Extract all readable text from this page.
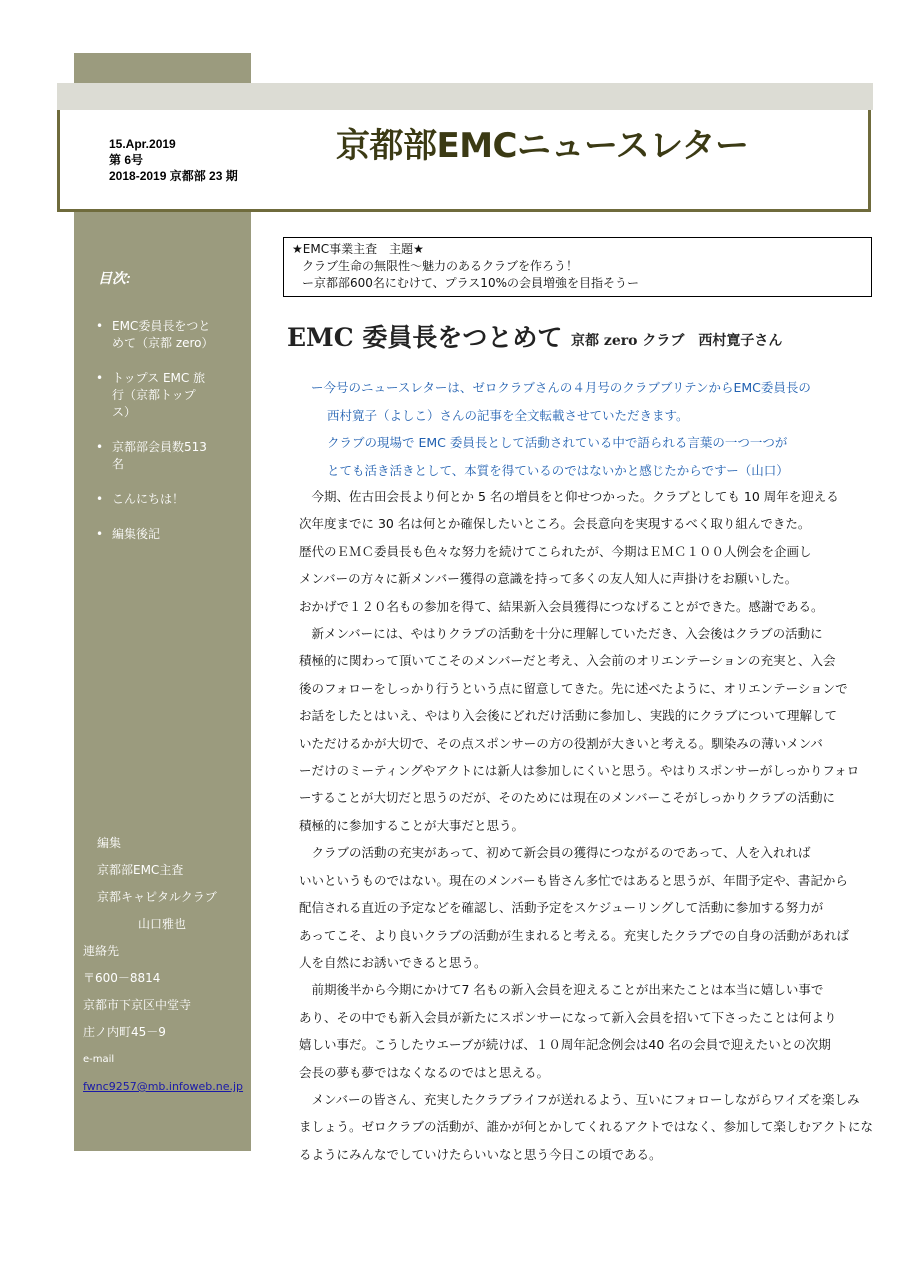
15.Apr.2019
第 6号
2018-2019 京都部 23 期
京都部EMCニュースレター
★EMC事業主査　主題★
クラブ生命の無限性～魅力のあるクラブを作ろう！
ー京都部600名にむけて、プラス10%の会員増強を目指そうー
目次:
• EMC委員長をつとめて（京都 zero）
• トップス EMC 旅行（京都トップス）
• 京都部会員数513名
• こんにちは！
• 編集後記
編集
京都部EMC主査
京都キャピタルクラブ
山口雅也
連絡先
〒600－8814
京都市下京区中堂寺
庄ノ内町45－9
e-mail
fwnc9257@mb.infoweb.ne.jp
EMC 委員長をつとめて 京都 zero クラブ　西村寛子さん
ー今号のニュースレターは、ゼロクラブさんの４月号のクラブブリテンからEMC委員長の
西村寛子（よしこ）さんの記事を全文転載させていただきます。
クラブの現場で EMC 委員長として活動されている中で語られる言葉の一つ一つが
とても活き活きとして、本質を得ているのではないかと感じたからですー（山口）
　今期、佐古田会長より何とか 5 名の増員をと仰せつかった。クラブとしても 10 周年を迎える
次年度までに 30 名は何とか確保したいところ。会長意向を実現するべく取り組んできた。
歴代のＥＭＣ委員長も色々な努力を続けてこられたが、今期はＥＭＣ１００人例会を企画し
メンバーの方々に新メンバー獲得の意識を持って多くの友人知人に声掛けをお願いした。
おかげで１２０名もの参加を得て、結果新入会員獲得につなげることができた。感謝である。
　新メンバーには、やはりクラブの活動を十分に理解していただき、入会後はクラブの活動に
積極的に関わって頂いてこそのメンバーだと考え、入会前のオリエンテーションの充実と、入会
後のフォローをしっかり行うという点に留意してきた。先に述べたように、オリエンテーションで
お話をしたとはいえ、やはり入会後にどれだけ活動に参加し、実践的にクラブについて理解して
いただけるかが大切で、その点スポンサーの方の役割が大きいと考える。馴染みの薄いメンバ
ーだけのミーティングやアクトには新人は参加しにくいと思う。やはりスポンサーがしっかりフォロ
ーすることが大切だと思うのだが、そのためには現在のメンバーこそがしっかりクラブの活動に
積極的に参加することが大事だと思う。
　クラブの活動の充実があって、初めて新会員の獲得につながるのであって、人を入れれば
いいというものではない。現在のメンバーも皆さん多忙ではあると思うが、年間予定や、書記から
配信される直近の予定などを確認し、活動予定をスケジューリングして活動に参加する努力が
あってこそ、より良いクラブの活動が生まれると考える。充実したクラブでの自身の活動があれば
人を自然にお誘いできると思う。
　前期後半から今期にかけて7 名もの新入会員を迎えることが出来たことは本当に嬉しい事で
あり、その中でも新入会員が新たにスポンサーになって新入会員を招いて下さったことは何より
嬉しい事だ。こうしたウエーブが続けば、１０周年記念例会は40 名の会員で迎えたいとの次期
会長の夢も夢ではなくなるのではと思える。
　メンバーの皆さん、充実したクラブライフが送れるよう、互いにフォローしながらワイズを楽しみ
ましょう。ゼロクラブの活動が、誰かが何とかしてくれるアクトではなく、参加して楽しむアクトにな
るようにみんなでしていけたらいいなと思う今日この頃である。
